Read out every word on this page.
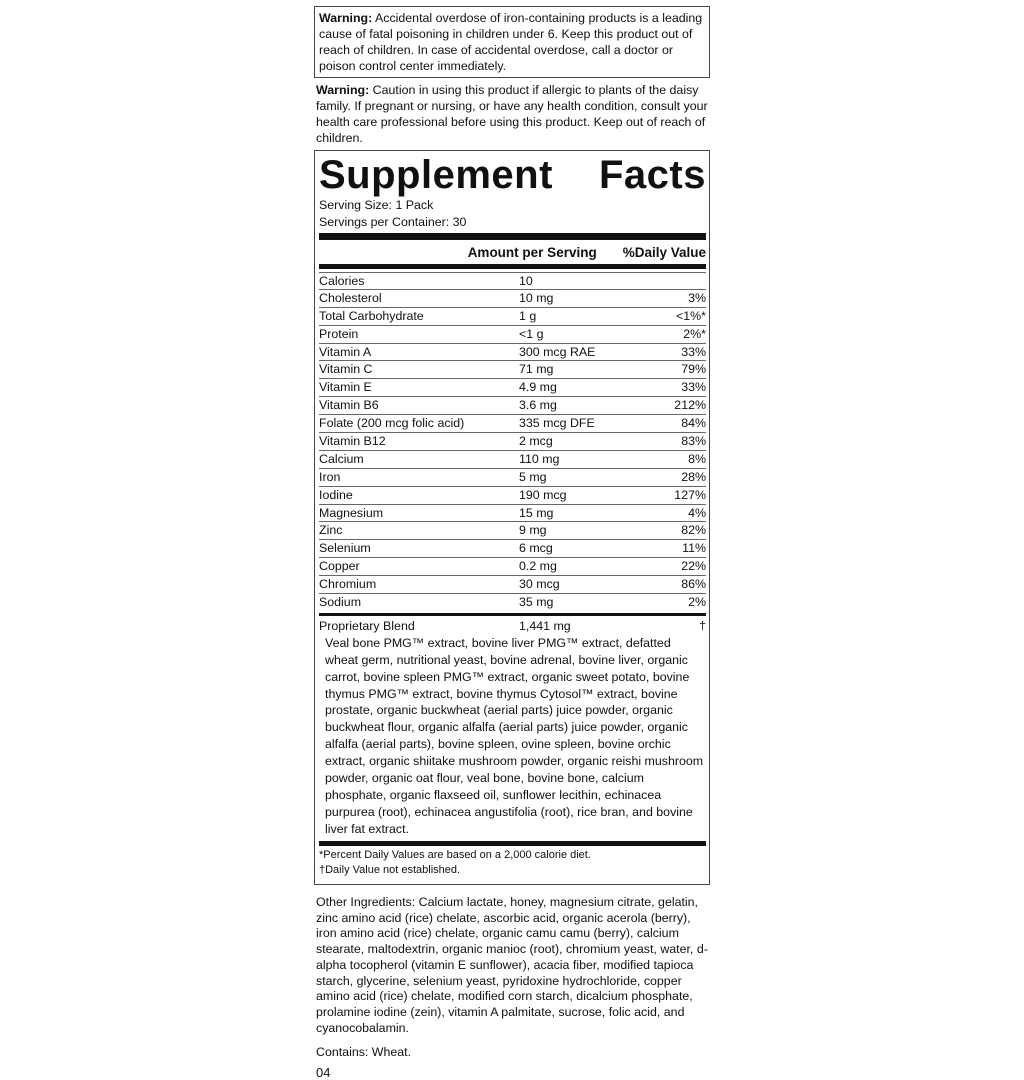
Warning: Accidental overdose of iron-containing products is a leading cause of fatal poisoning in children under 6. Keep this product out of reach of children. In case of accidental overdose, call a doctor or poison control center immediately.
Warning: Caution in using this product if allergic to plants of the daisy family. If pregnant or nursing, or have any health condition, consult your health care professional before using this product. Keep out of reach of children.
Supplement Facts
Serving Size: 1 Pack
Servings per Container: 30
Amount per Serving %Daily Value
Calories	10
Cholesterol	10 mg	3%
Total Carbohydrate	1 g	<1%*
Protein	<1 g	2%*
Vitamin A	300 mcg RAE	33%
Vitamin C	71 mg	79%
Vitamin E	4.9 mg	33%
Vitamin B6	3.6 mg	212%
Folate (200 mcg folic acid)	335 mcg DFE	84%
Vitamin B12	2 mcg	83%
Calcium	110 mg	8%
Iron	5 mg	28%
Iodine	190 mcg	127%
Magnesium	15 mg	4%
Zinc	9 mg	82%
Selenium	6 mcg	11%
Copper	0.2 mg	22%
Chromium	30 mcg	86%
Sodium	35 mg	2%
Proprietary Blend	1,441 mg	†
Veal bone PMG™ extract, bovine liver PMG™ extract, defatted wheat germ, nutritional yeast, bovine adrenal, bovine liver, organic carrot, bovine spleen PMG™ extract, organic sweet potato, bovine thymus PMG™ extract, bovine thymus Cytosol™ extract, bovine prostate, organic buckwheat (aerial parts) juice powder, organic buckwheat flour, organic alfalfa (aerial parts) juice powder, organic alfalfa (aerial parts), bovine spleen, ovine spleen, bovine orchic extract, organic shiitake mushroom powder, organic reishi mushroom powder, organic oat flour, veal bone, bovine bone, calcium phosphate, organic flaxseed oil, sunflower lecithin, echinacea purpurea (root), echinacea angustifolia (root), rice bran, and bovine liver fat extract.
*Percent Daily Values are based on a 2,000 calorie diet.
†Daily Value not established.
Other Ingredients: Calcium lactate, honey, magnesium citrate, gelatin, zinc amino acid (rice) chelate, ascorbic acid, organic acerola (berry), iron amino acid (rice) chelate, organic camu camu (berry), calcium stearate, maltodextrin, organic manioc (root), chromium yeast, water, d-alpha tocopherol (vitamin E sunflower), acacia fiber, modified tapioca starch, glycerine, selenium yeast, pyridoxine hydrochloride, copper amino acid (rice) chelate, modified corn starch, dicalcium phosphate, prolamine iodine (zein), vitamin A palmitate, sucrose, folic acid, and cyanocobalamin.
Contains: Wheat.
04
